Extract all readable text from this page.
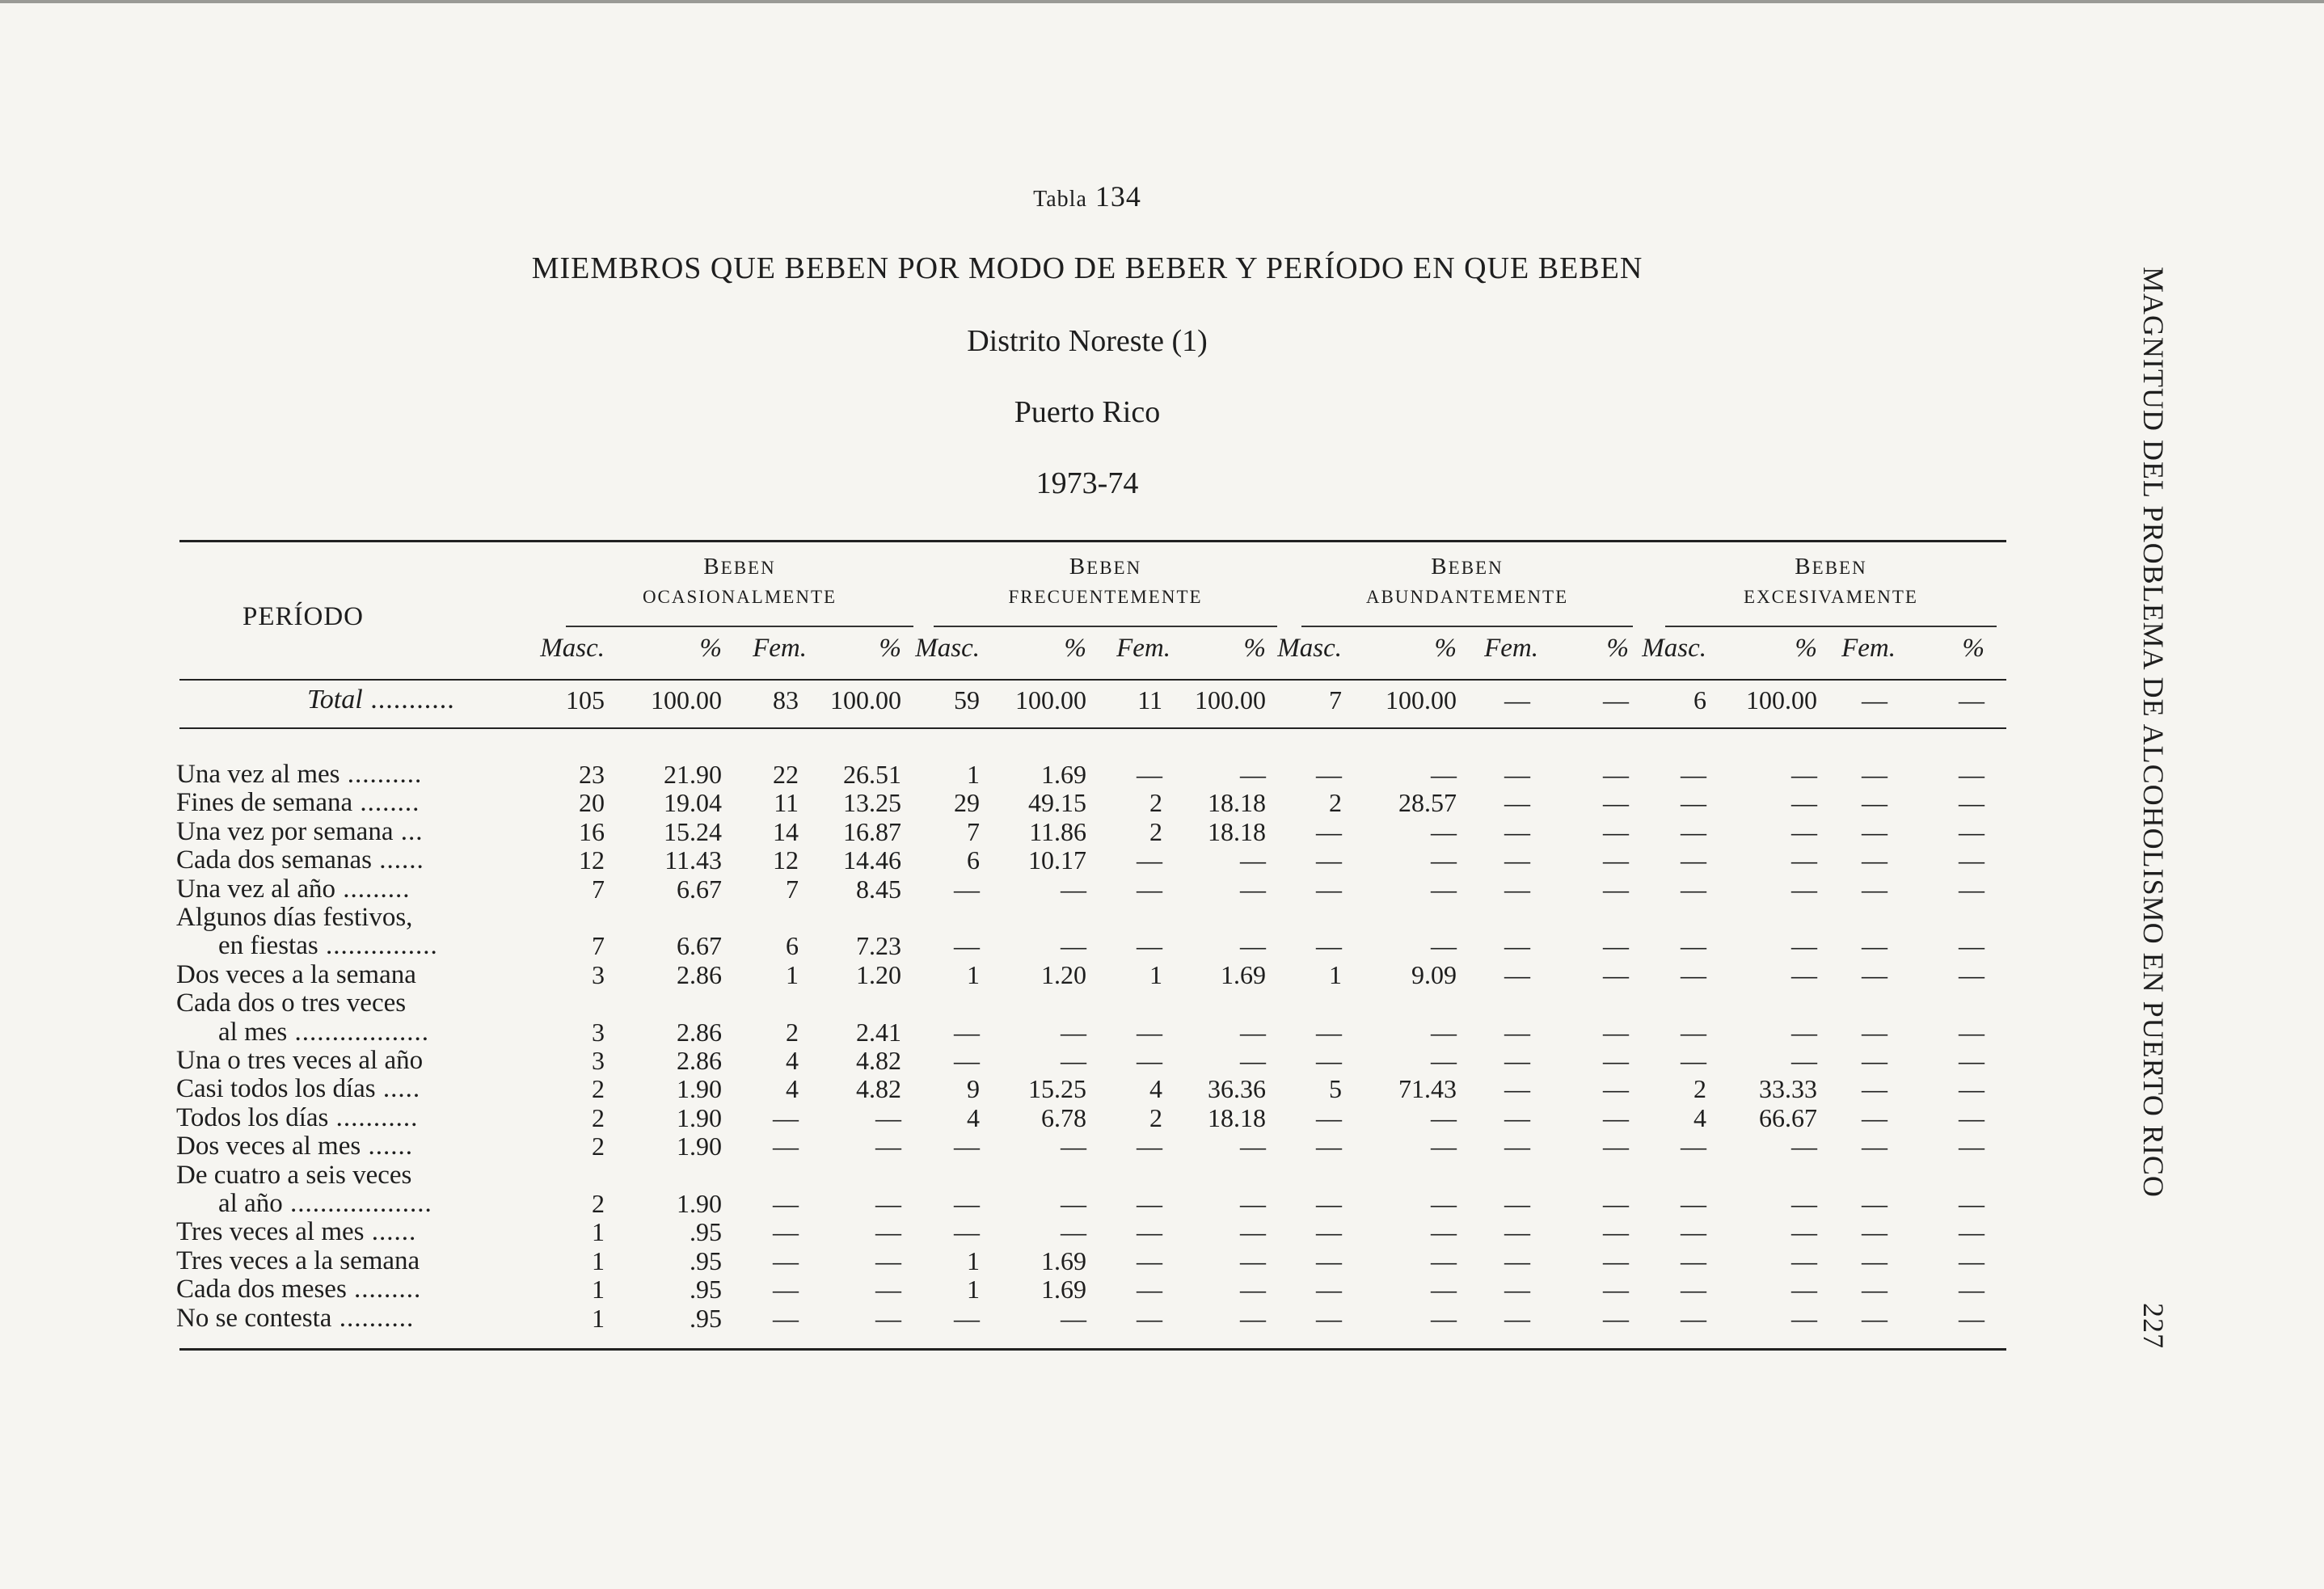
Tabla 134
MIEMBROS QUE BEBEN POR MODO DE BEBER Y PERÍODO EN QUE BEBEN
Distrito Noreste (1)
Puerto Rico
1973-74	MAGNITUD DEL PROBLEMA DE ALCOHOLISMO EN PUERTO RICO227
PERÍODO
BEBEN
OCASIONALMENTE
BEBEN
FRECUENTEMENTE
BEBEN
ABUNDANTEMENTE
BEBEN
EXCESIVAMENTE
Masc.	%	Fem.	% Masc.	%	Fem.	% Masc.	%	Fem.	% Masc.	% Fem.	%
Total ...........	105	100.00	83	100.00	59	100.00	11	100.00	7	100.00	—	—	6	100.00	—	—
Una vez al mes ..........	23	21.90	22	26.51	1	1.69	—	—	—	—	—	—	—	—	—	—
Fines de semana ........	20	19.04	11	13.25	29	49.15	2	18.18	2	28.57	—	—	—	—	—	—
Una vez por semana ...	16	15.24	14	16.87	7	11.86	2	18.18	—	—	—	—	—	—	—	—
Cada dos semanas ......	12	11.43	12	14.46	6	10.17	—	—	—	—	—	—	—	—	—	—
Una vez al año .........	7	6.67	7	8.45	—	—	—	—	—	—	—	—	—	—	—	—
Algunos días festivos,
en fiestas ...............	7	6.67	6	7.23	—	—	—	—	—	—	—	—	—	—	—	—
Dos veces a la semana	3	2.86	1	1.20	1	1.20	1	1.69	1	9.09	—	—	—	—	—	—
Cada dos o tres veces
al mes ..................	3	2.86	2	2.41	—	—	—	—	—	—	—	—	—	—	—	—
Una o tres veces al año	3	2.86	4	4.82	—	—	—	—	—	—	—	—	—	—	—	—
Casi todos los días .....	2	1.90	4	4.82	9	15.25	4	36.36	5	71.43	—	—	2	33.33	—	—
Todos los días ...........	2	1.90	—	—	4	6.78	2	18.18	—	—	—	—	4	66.67	—	—
Dos veces al mes ......	2	1.90	—	—	—	—	—	—	—	—	—	—	—	—	—	—
De cuatro a seis veces
al año ...................	2	1.90	—	—	—	—	—	—	—	—	—	—	—	—	—	—
Tres veces al mes ......	1	.95	—	—	—	—	—	—	—	—	—	—	—	—	—	—
Tres veces a la semana	1	.95	—	—	1	1.69	—	—	—	—	—	—	—	—	—	—
Cada dos meses .........	1	.95	—	—	1	1.69	—	—	—	—	—	—	—	—	—	—
No se contesta ..........	1	.95	—	—	—	—	—	—	—	—	—	—	—	—	—	—
